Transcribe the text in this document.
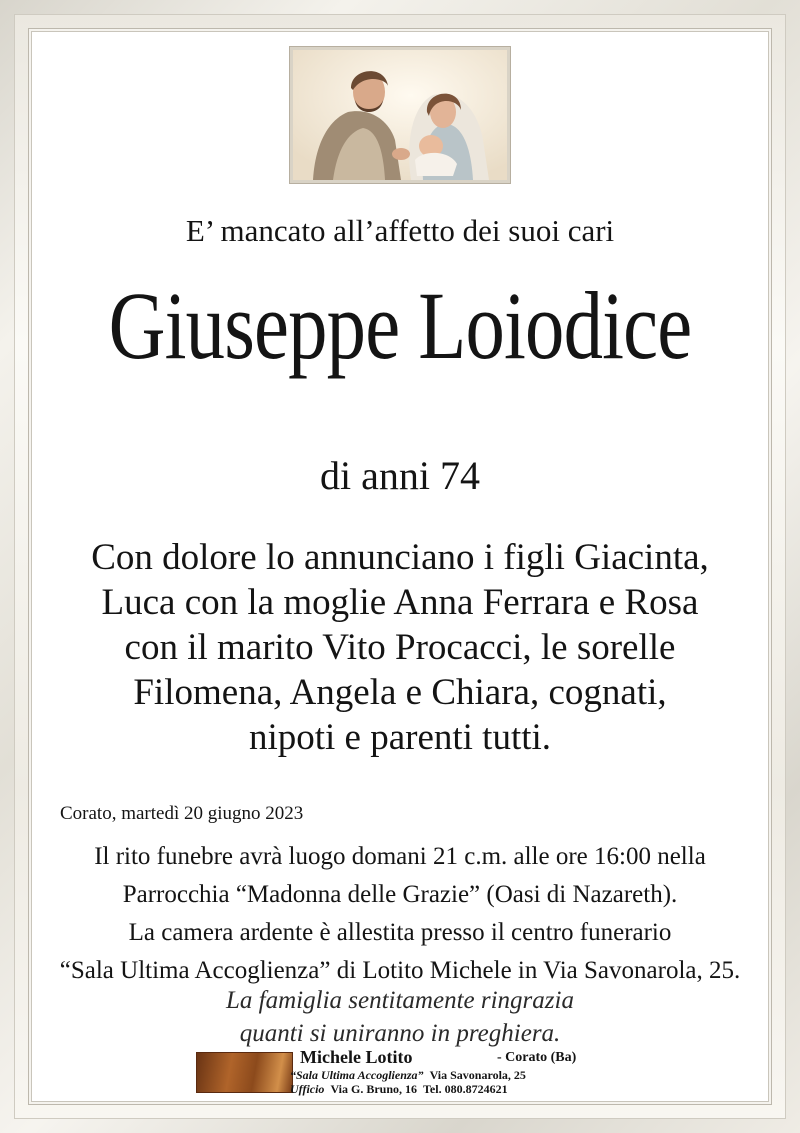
E’ mancato all’affetto dei suoi cari
Giuseppe Loiodice
di anni 74
Con dolore lo annunciano i figli Giacinta,
Luca con la moglie Anna Ferrara e Rosa
con il marito Vito Procacci, le sorelle
Filomena, Angela e Chiara, cognati,
nipoti e parenti tutti.
Corato, martedì 20 giugno 2023
Il rito funebre avrà luogo domani 21 c.m. alle ore 16:00 nella
Parrocchia “Madonna delle Grazie” (Oasi di Nazareth).
La camera ardente è allestita presso il centro funerario
“Sala Ultima Accoglienza” di Lotito Michele in Via Savonarola, 25.
La famiglia sentitamente ringrazia
quanti si uniranno in preghiera.
Michele Lotito	- Corato (Ba)
“Sala Ultima Accoglienza” Via Savonarola, 25
Ufficio Via G. Bruno, 16 Tel. 080.8724621
